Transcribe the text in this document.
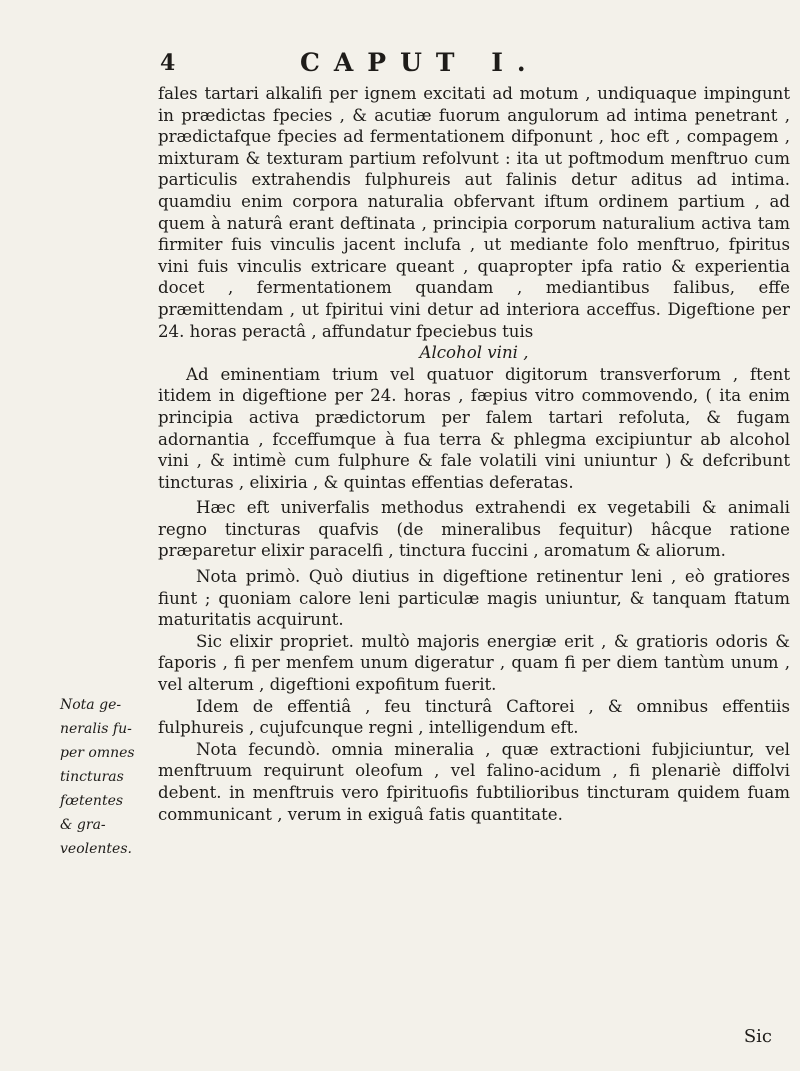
4	CAPUT I.

fales tartari alkalifi per ignem excitati ad motum , undiquaque impingunt in prædictas fpecies , & acutiæ fuorum angulorum ad intima penetrant , prædictafque fpecies ad fermentationem difponunt , hoc eft , compagem , mixturam & texturam partium refolvunt : ita ut poftmodum menftruo cum particulis extrahendis fulphureis aut falinis detur aditus ad intima. quamdiu enim corpora naturalia obfervant iftum ordinem partium , ad quem à naturâ erant deftinata , principia corporum naturalium activa tam firmiter fuis vinculis jacent inclufa , ut mediante folo menftruo, fpiritus vini fuis vinculis extricare queant , quapropter ipfa ratio & experientia docet , fermentationem quandam , mediantibus falibus, effe præmittendam , ut fpiritui vini detur ad interiora acceffus. Digeftione per 24. horas peractâ , affundatur fpeciebus tuis

Alcohol vini ,

Ad eminentiam trium vel quatuor digitorum transverforum , ftent itidem in digeftione per 24. horas , fæpius vitro commovendo, ( ita enim principia activa prædictorum per falem tartari refoluta, & fugam adornantia , fcceffumque à fua terra & phlegma excipiuntur ab alcohol vini , & intimè cum fulphure & fale volatili vini uniuntur ) & defcribunt tincturas , elixiria , & quintas effentias deferatas.

Hæc eft univerfalis methodus extrahendi ex vegetabili & animali regno tincturas quafvis (de mineralibus fequitur) hâcque ratione præparetur elixir paracelfi , tinctura fuccini , aromatum & aliorum.

Nota primò. Quò diutius in digeftione retinentur leni , eò gratiores fiunt ; quoniam calore leni particulæ magis uniuntur, & tanquam ftatum maturitatis acquirunt.

Sic elixir propriet. multò majoris energiæ erit , & gratioris odoris & faporis , fi per menfem unum digeratur , quam fi per diem tantùm unum , vel alterum , digeftioni expofitum fuerit.

Idem de effentiâ , feu tincturâ Caftorei , & omnibus effentiis fulphureis , cujufcunque regni , intelligendum eft.

Nota fecundò. omnia mineralia , quæ extractioni fubjiciuntur, vel menftruum requirunt oleofum , vel falino-acidum , fi plenariè diffolvi debent. in menftruis vero fpirituofis fubtilioribus tincturam quidem fuam communicant , verum in exiguâ fatis quantitate.

Nota ge-
neralis fu-
per omnes
tincturas
fœtentes
& gra-
veolentes.
Sic
